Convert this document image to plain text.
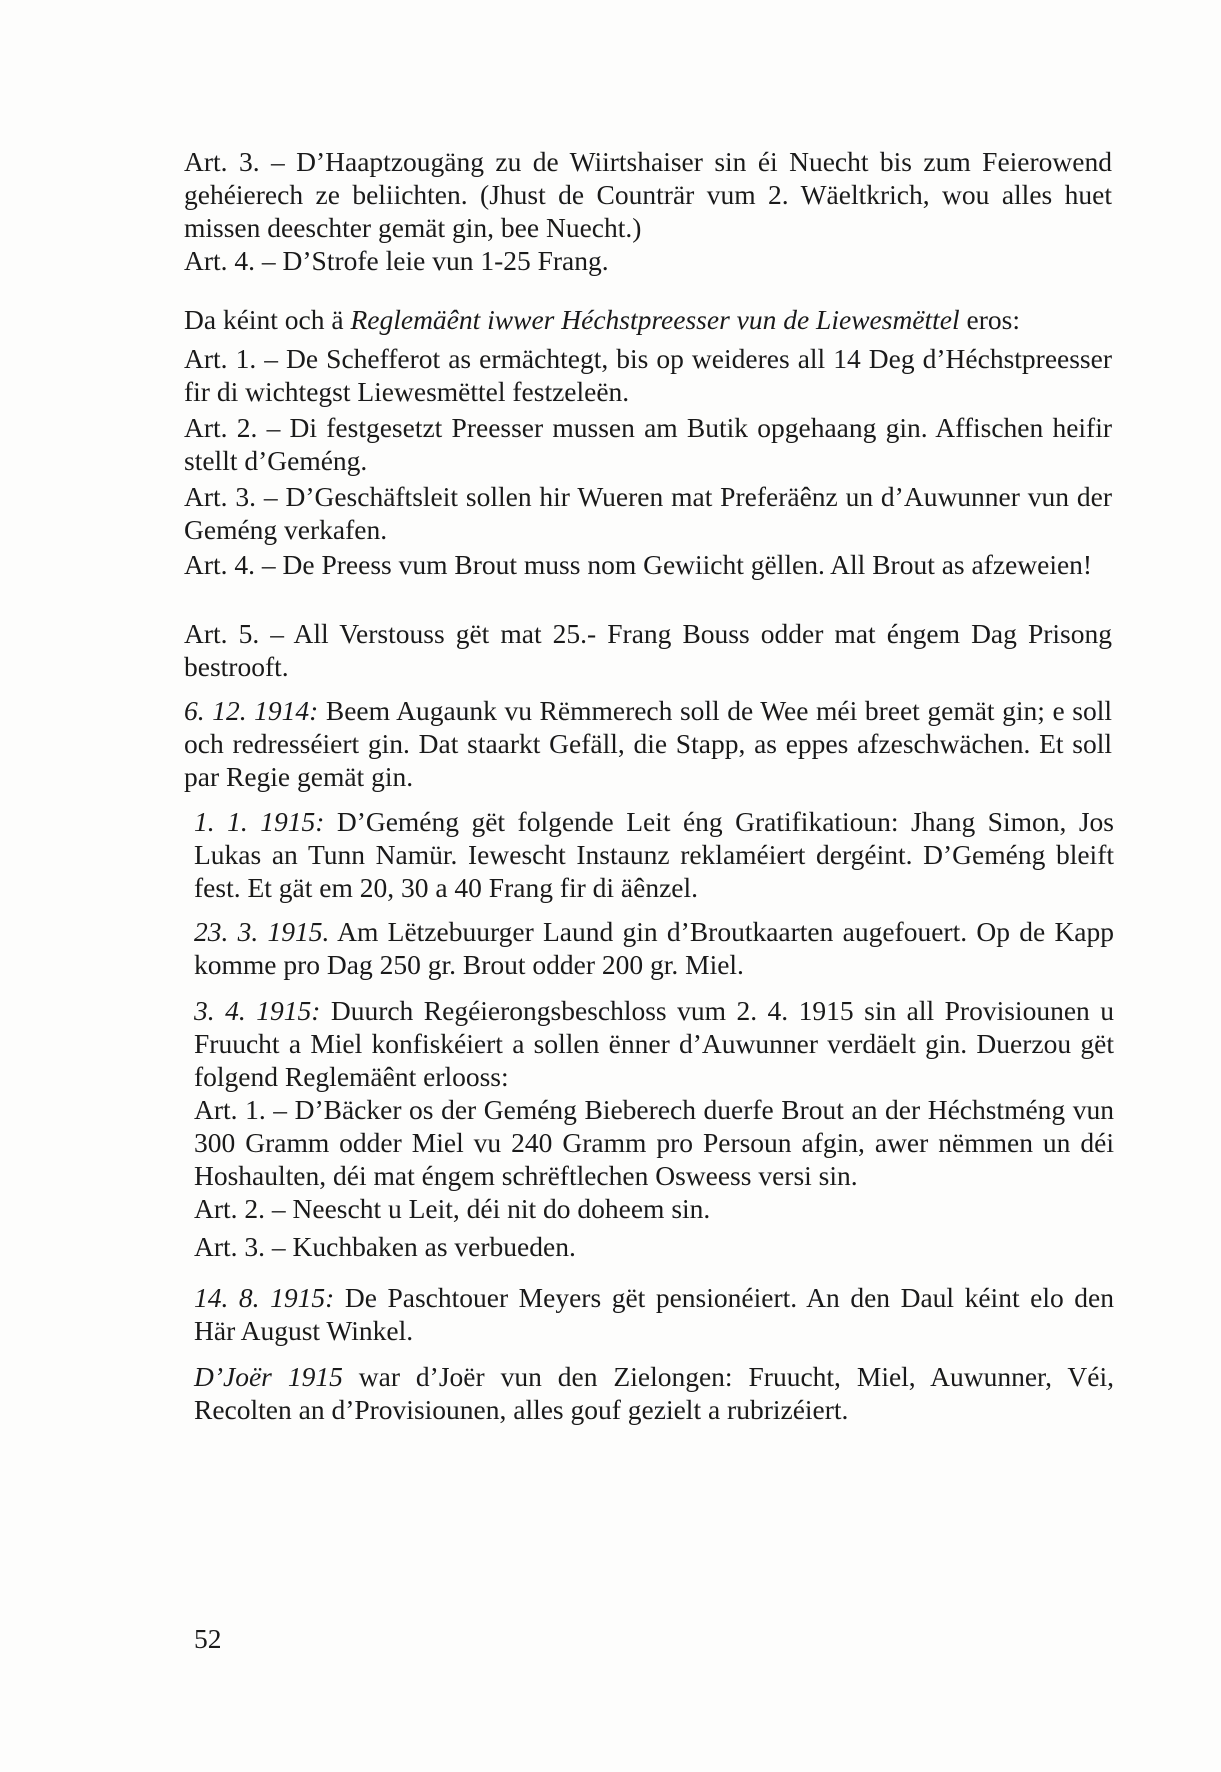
Art. 3. – D’Haaptzougäng zu de Wiirtshaiser sin éi Nuecht bis zum Feierowend gehéierech ze beliichten. (Jhust de Counträr vum 2. Wäeltkrich, wou alles huet missen deeschter gemät gin, bee Nuecht.)
Art. 4. – D’Strofe leie vun 1-25 Frang.
Da kéint och ä Reglemäênt iwwer Héchstpreesser vun de Liewesmëttel eros:
Art. 1. – De Schefferot as ermächtegt, bis op weideres all 14 Deg d’Héchstpreesser fir di wichtegst Liewesmëttel festzeleën.
Art. 2. – Di festgesetzt Preesser mussen am Butik opgehaang gin. Affischen heifir stellt d’Geméng.
Art. 3. – D’Geschäftsleit sollen hir Wueren mat Preferäênz un d’Auwunner vun der Geméng verkafen.
Art. 4. – De Preess vum Brout muss nom Gewiicht gëllen. All Brout as afzeweien!
Art. 5. – All Verstouss gët mat 25.- Frang Bouss odder mat éngem Dag Prisong bestrooft.
6. 12. 1914: Beem Augaunk vu Rëmmerech soll de Wee méi breet gemät gin; e soll och redresséiert gin. Dat staarkt Gefäll, die Stapp, as eppes afzeschwächen. Et soll par Regie gemät gin.
1. 1. 1915: D’Geméng gët folgende Leit éng Gratifikatioun: Jhang Simon, Jos Lukas an Tunn Namür. Iewescht Instaunz reklaméiert dergéint. D’Geméng bleift fest. Et gät em 20, 30 a 40 Frang fir di äênzel.
23. 3. 1915. Am Lëtzebuurger Laund gin d’Broutkaarten augefouert. Op de Kapp komme pro Dag 250 gr. Brout odder 200 gr. Miel.
3. 4. 1915: Duurch Regéierongsbeschloss vum 2. 4. 1915 sin all Provisiounen u Fruucht a Miel konfiskéiert a sollen ënner d’Auwunner verdäelt gin. Duerzou gët folgend Reglemäênt erlooss:
Art. 1. – D’Bäcker os der Geméng Bieberech duerfe Brout an der Héchstméng vun 300 Gramm odder Miel vu 240 Gramm pro Persoun afgin, awer nëmmen un déi Hoshaulten, déi mat éngem schrëftlechen Osweess versi sin.
Art. 2. – Neescht u Leit, déi nit do doheem sin.
Art. 3. – Kuchbaken as verbueden.
14. 8. 1915: De Paschtouer Meyers gët pensionéiert. An den Daul kéint elo den Här August Winkel.
D’Joër 1915 war d’Joër vun den Zielongen: Fruucht, Miel, Auwunner, Véi, Recolten an d’Provisiounen, alles gouf gezielt a rubrizéiert.
52
